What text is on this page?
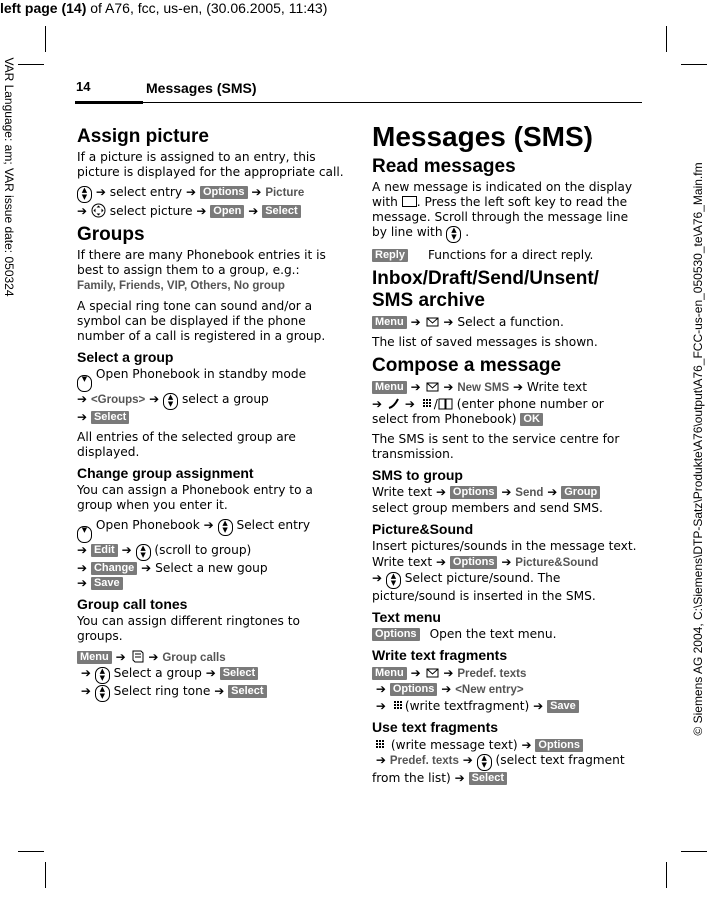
left page (14) of A76, fcc, us-en, (30.06.2005, 11:43)
VAR Language: am; VAR issue date: 050324	© Siemens AG 2004, C:\Siemens\DTP-Satz\Produkte\A76\output\A76_FCC-us-en_050530_te\A76_Main.fm
14	Messages (SMS)
Assign picture

If a picture is assigned to an entry, this picture is displayed for the appropriate call.

▲
▼ ➔ select entry ➔ Options ➔ Picture
➔  select picture ➔ Open ➔ Select

Groups

If there are many Phonebook entries it is best to assign them to a group, e.g.:
Family, Friends, VIP, Others, No group

A special ring tone can sound and/or a symbol can be displayed if the phone number of a call is registered in a group.

Select a group

▼ Open Phonebook in standby mode
➔ <Groups> ➔ ▲
▼ select a group
➔ Select

All entries of the selected group are displayed.

Change group assignment

You can assign a Phonebook entry to a group when you enter it.

▼ Open Phonebook ➔ ▲
▼ Select entry
➔ Edit ➔ ▲
▼ (scroll to group)
➔ Change ➔ Select a new goup
➔ Save

Group call tones

You can assign different ringtones to groups.

Menu ➔ ➔ Group calls
➔ ▲
▼ Select a group ➔ Select
➔ ▲
▼ Select ring tone ➔ Select

Messages (SMS)
Read messages

A new message is indicated on the display with . Press the left soft key to read the message. Scroll through the message line by line with ▲
▼ .

Reply Functions for a direct reply.

Inbox/Draft/Send/Unsent/
SMS archive

Menu ➔ ➔ Select a function.

The list of saved messages is shown.

Compose a message

Menu ➔ ➔ New SMS ➔ Write text
➔ ➔ / (enter phone number or select from Phonebook) OK

The SMS is sent to the service centre for transmission.

SMS to group

Write text ➔ Options ➔ Send ➔ Group
select group members and send SMS.

Picture&Sound

Insert pictures/sounds in the message text.

Write text ➔ Options ➔ Picture&Sound
➔ ▲
▼ Select picture/sound. The picture/sound is inserted in the SMS.

Text menu

Options Open the text menu.

Write text fragments

Menu ➔ ➔ Predef. texts
➔ Options ➔ <New entry>
➔ (write textfragment) ➔ Save

Use text fragments

(write message text) ➔ Options
➔ Predef. texts ➔ ▲
▼ (select text fragment from the list) ➔ Select
